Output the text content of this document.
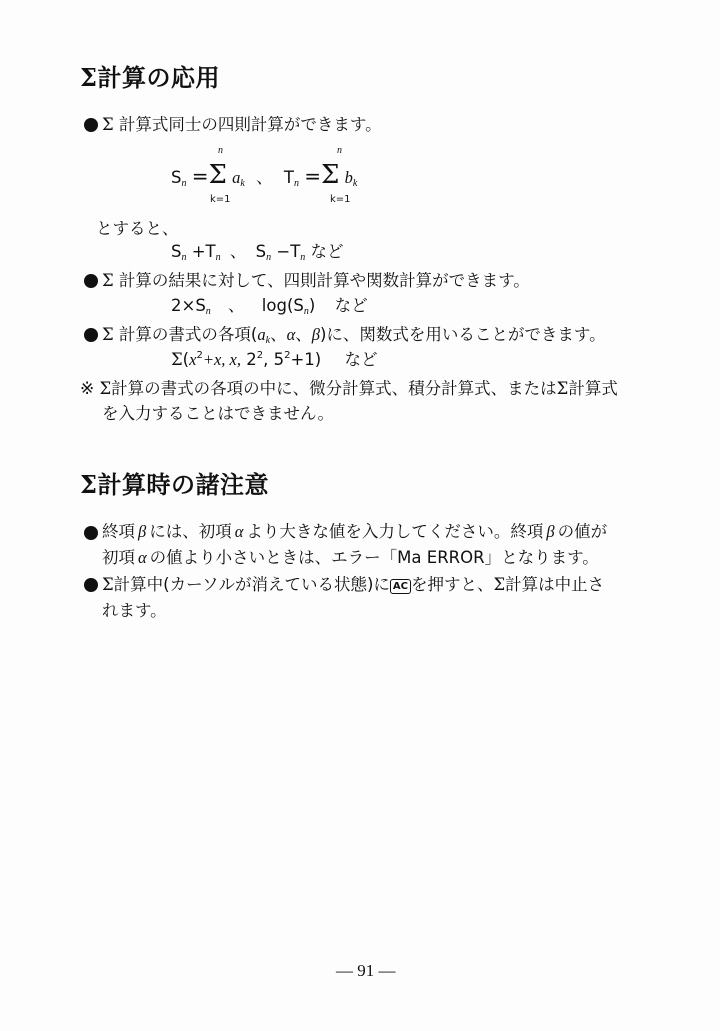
Σ計算の応用
Σ 計算式同士の四則計算ができます。
n	n
Sn =Σ ak 、 Tn =Σ bk
k=1	k=1
とすると、
Sn +Tn 、 Sn −Tn など
Σ 計算の結果に対して、四則計算や関数計算ができます。
2×Sn 、 log(Sn) など
Σ 計算の書式の各項(ak、α、β)に、関数式を用いることができます。
$\Sigma(x^2+x$, x, $2^2$, $5^2+1$) など
※ Σ計算の書式の各項の中に、微分計算式、積分計算式、またはΣ計算式
を入力することはできません。
Σ計算時の諸注意
終項 β には、初項 α より大きな値を入力してください。終項 β の値が
初項 α の値より小さいときは、エラー「Ma ERROR」となります。
Σ計算中(カーソルが消えている状態)に AC を押すと、Σ計算は中止さ
れます。
— 91 —
